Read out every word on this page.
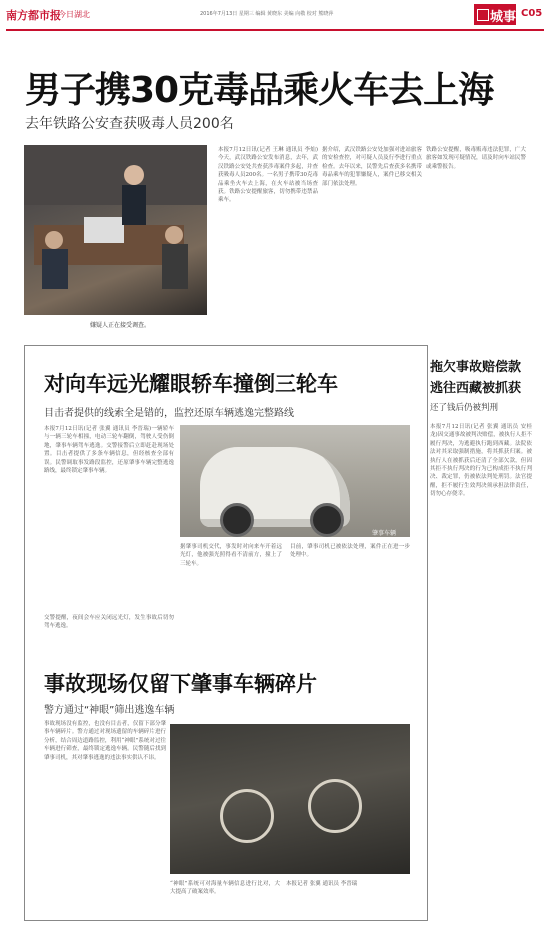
南方都市报
今日湖北	2016年7月13日 星期三 编辑 黄晓东 美编 向敬 校对 熊晓萍	城事 C05
男子携30克毒品乘火车去上海
去年铁路公安查获吸毒人员200名
嫌疑人正在接受调查。
本报7月12日讯(记者 王琳 通讯员 李灿)今天，武汉铁路公安发布消息，去年，武汉铁路公安处共查获涉毒案件多起，并查获吸毒人员200名。一名男子携带30克毒品乘坐火车去上海，在火车站被当场查获。铁路公安提醒旅客，切勿携带违禁品乘车。
据介绍，武汉铁路公安处加强对进站旅客的安检查控，对可疑人员及行李进行重点检查。去年以来，民警先后查获多名携带毒品乘车的犯罪嫌疑人，案件已移交相关部门依法处理。
铁路公安提醒，吸毒贩毒违法犯罪，广大旅客如发现可疑情况，请及时向车站民警或乘警报告。
对向车远光耀眼轿车撞倒三轮车
目击者提供的线索全是错的，监控还原车辆逃逸完整路线
本报7月12日讯(记者 张翼 通讯员 李晋瑞)一辆轿车与一辆三轮车相撞，电动三轮车翻倒，驾驶人受伤倒地，肇事车辆驾车逃逸。交警接警后立即赶赴现场处置。目击者提供了多条车辆信息，但经核查全部有误。民警调取事发路段监控，还原肇事车辆完整逃逸路线，最终锁定肇事车辆。
肇事车辆
据肇事司机交代，事发时对向来车开着远光灯，他被强光照得看不清前方，撞上了三轮车。
目前，肇事司机已被依法处理，案件正在进一步处理中。
交警提醒，夜间会车应关闭远光灯，发生事故后切勿驾车逃逸。
事故现场仅留下肇事车辆碎片
警方通过“神眼”筛出逃逸车辆
事故现场没有监控，也没有目击者，仅留下部分肇事车辆碎片。警方通过对现场遗留的车辆碎片进行分析，结合周边道路监控，利用“神眼”系统对过往车辆进行筛查，最终锁定逃逸车辆。民警随后找到肇事司机，其对肇事逃逸的违法事实供认不讳。
“神眼”系统可对海量车辆信息进行比对，大大提高了破案效率。
本报记者 张翼 通讯员 李晋瑞
拖欠事故赔偿款
逃往西藏被抓获
还了钱后仍被判刑
本报7月12日讯(记者 张翼 通讯员 安桂龙)因交通事故被判决赔偿，被执行人拒不履行判决，为逃避执行跑到西藏。法院依法对其采取强制措施，将其抓获归案。被执行人在被抓获后还清了全部欠款，但因其拒不执行判决的行为已构成拒不执行判决、裁定罪，仍被依法判处刑罚。法官提醒，拒不履行生效判决须承担法律责任，切勿心存侥幸。
